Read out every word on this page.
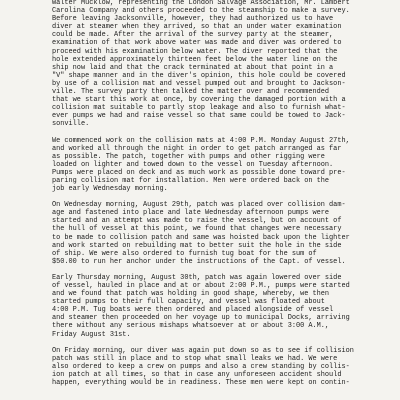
Walter Mucklow, representing the London Salvage Association, Mr. Lambert
Carolina Company and others proceeded to the steamship to make a survey.
Before leaving Jacksonville, however, they had authorized us to have
diver at steamer when they arrived, so that an under water examination
could be made. After the arrival of the survey party at the steamer,
examination of that work above water was made and diver was ordered to
proceed with his examination below water. The diver reported that the
hole extended approximately thirteen feet below the water line on the
ship now laid and that the crack terminated at about that point in a
"V" shape manner and in the diver's opinion, this hole could be covered
by use of a collision mat and vessel pumped out and brought to Jackson-
ville. The survey party then talked the matter over and recommended
that we start this work at once, by covering the damaged portion with a
collision mat suitable to partly stop leakage and also to furnish what-
ever pumps we had and raise vessel so that same could be towed to Jack-
sonville.
We commenced work on the collision mats at 4:00 P.M. Monday August 27th,
and worked all through the night in order to get patch arranged as far
as possible. The patch, together with pumps and other rigging were
loaded on lighter and towed down to the vessel on Tuesday afternoon.
Pumps were placed on deck and as much work as possible done toward pre-
paring collision mat for installation. Men were ordered back on the
job early Wednesday morning.
On Wednesday morning, August 29th, patch was placed over collision dam-
age and fastened into place and late Wednesday afternoon pumps were
started and an attempt was made to raise the vessel, but on account of
the hull of vessel at this point, we found that changes were necessary
to be made to collision patch and same was hoisted back upon the lighter
and work started on rebuilding mat to better suit the hole in the side
of ship. We were also ordered to furnish tug boat for the sum of
$50.00 to run her anchor under the instructions of the Capt. of vessel.
Early Thursday morning, August 30th, patch was again lowered over side
of vessel, hauled in place and at or about 2:00 P.M., pumps were started
and we found that patch was holding in good shape, whereby, we then
started pumps to their full capacity, and vessel was floated about
4:00 P.M. Tug boats were then ordered and placed alongside of vessel
and steamer then proceeded on her voyage up to municipal Docks, arriving
there without any serious mishaps whatsoever at or about 3:00 A.M.,
Friday August 31st.
On Friday morning, our diver was again put down so as to see if collision
patch was still in place and to stop what small leaks we had. We were
also ordered to keep a crew on pumps and also a crew standing by collis-
ion patch at all times, so that in case any unforeseen accident should
happen, everything would be in readiness. These men were kept on contin-
